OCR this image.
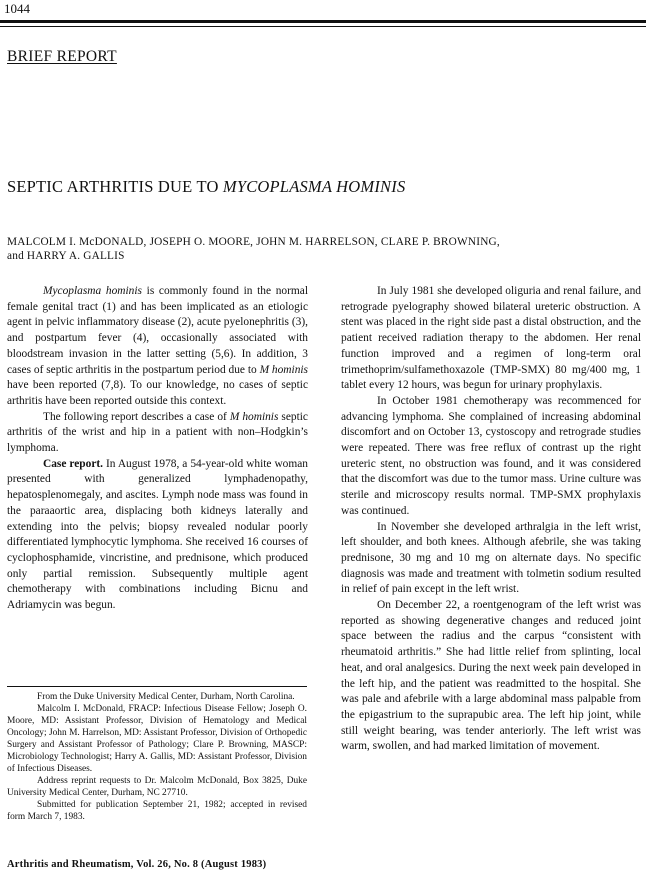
1044
BRIEF REPORT
SEPTIC ARTHRITIS DUE TO MYCOPLASMA HOMINIS

MALCOLM I. McDONALD, JOSEPH O. MOORE, JOHN M. HARRELSON, CLARE P. BROWNING,

and HARRY A. GALLIS

Mycoplasma hominis is commonly found in the normal female genital tract (1) and has been implicated as an etiologic agent in pelvic inflammatory disease (2), acute pyelonephritis (3), and postpartum fever (4), occasionally associated with bloodstream invasion in the latter setting (5,6). In addition, 3 cases of septic arthritis in the postpartum period due to M hominis have been reported (7,8). To our knowledge, no cases of septic arthritis have been reported outside this context.

The following report describes a case of M hominis septic arthritis of the wrist and hip in a patient with non–Hodgkin’s lymphoma.

Case report. In August 1978, a 54-year-old white woman presented with generalized lymphadenopathy, hepatosplenomegaly, and ascites. Lymph node mass was found in the paraaortic area, displacing both kidneys laterally and extending into the pelvis; biopsy revealed nodular poorly differentiated lymphocytic lymphoma. She received 16 courses of cyclophosphamide, vincristine, and prednisone, which produced only partial remission. Subsequently multiple agent chemotherapy with combinations including Bicnu and Adriamycin was begun.

From the Duke University Medical Center, Durham, North Carolina.

Malcolm I. McDonald, FRACP: Infectious Disease Fellow; Joseph O. Moore, MD: Assistant Professor, Division of Hematology and Medical Oncology; John M. Harrelson, MD: Assistant Professor, Division of Orthopedic Surgery and Assistant Professor of Pathology; Clare P. Browning, MASCP: Microbiology Technologist; Harry A. Gallis, MD: Assistant Professor, Division of Infectious Diseases.

Address reprint requests to Dr. Malcolm McDonald, Box 3825, Duke University Medical Center, Durham, NC 27710.

Submitted for publication September 21, 1982; accepted in revised form March 7, 1983.

In July 1981 she developed oliguria and renal failure, and retrograde pyelography showed bilateral ureteric obstruction. A stent was placed in the right side past a distal obstruction, and the patient received radiation therapy to the abdomen. Her renal function improved and a regimen of long-term oral trimethoprim/sulfamethoxazole (TMP-SMX) 80 mg/400 mg, 1 tablet every 12 hours, was begun for urinary prophylaxis.

In October 1981 chemotherapy was recommenced for advancing lymphoma. She complained of increasing abdominal discomfort and on October 13, cystoscopy and retrograde studies were repeated. There was free reflux of contrast up the right ureteric stent, no obstruction was found, and it was considered that the discomfort was due to the tumor mass. Urine culture was sterile and microscopy results normal. TMP-SMX prophylaxis was continued.

In November she developed arthralgia in the left wrist, left shoulder, and both knees. Although afebrile, she was taking prednisone, 30 mg and 10 mg on alternate days. No specific diagnosis was made and treatment with tolmetin sodium resulted in relief of pain except in the left wrist.

On December 22, a roentgenogram of the left wrist was reported as showing degenerative changes and reduced joint space between the radius and the carpus “consistent with rheumatoid arthritis.” She had little relief from splinting, local heat, and oral analgesics. During the next week pain developed in the left hip, and the patient was readmitted to the hospital. She was pale and afebrile with a large abdominal mass palpable from the epigastrium to the suprapubic area. The left hip joint, while still weight bearing, was tender anteriorly. The left wrist was warm, swollen, and had marked limitation of movement.

Arthritis and Rheumatism, Vol. 26, No. 8 (August 1983)
